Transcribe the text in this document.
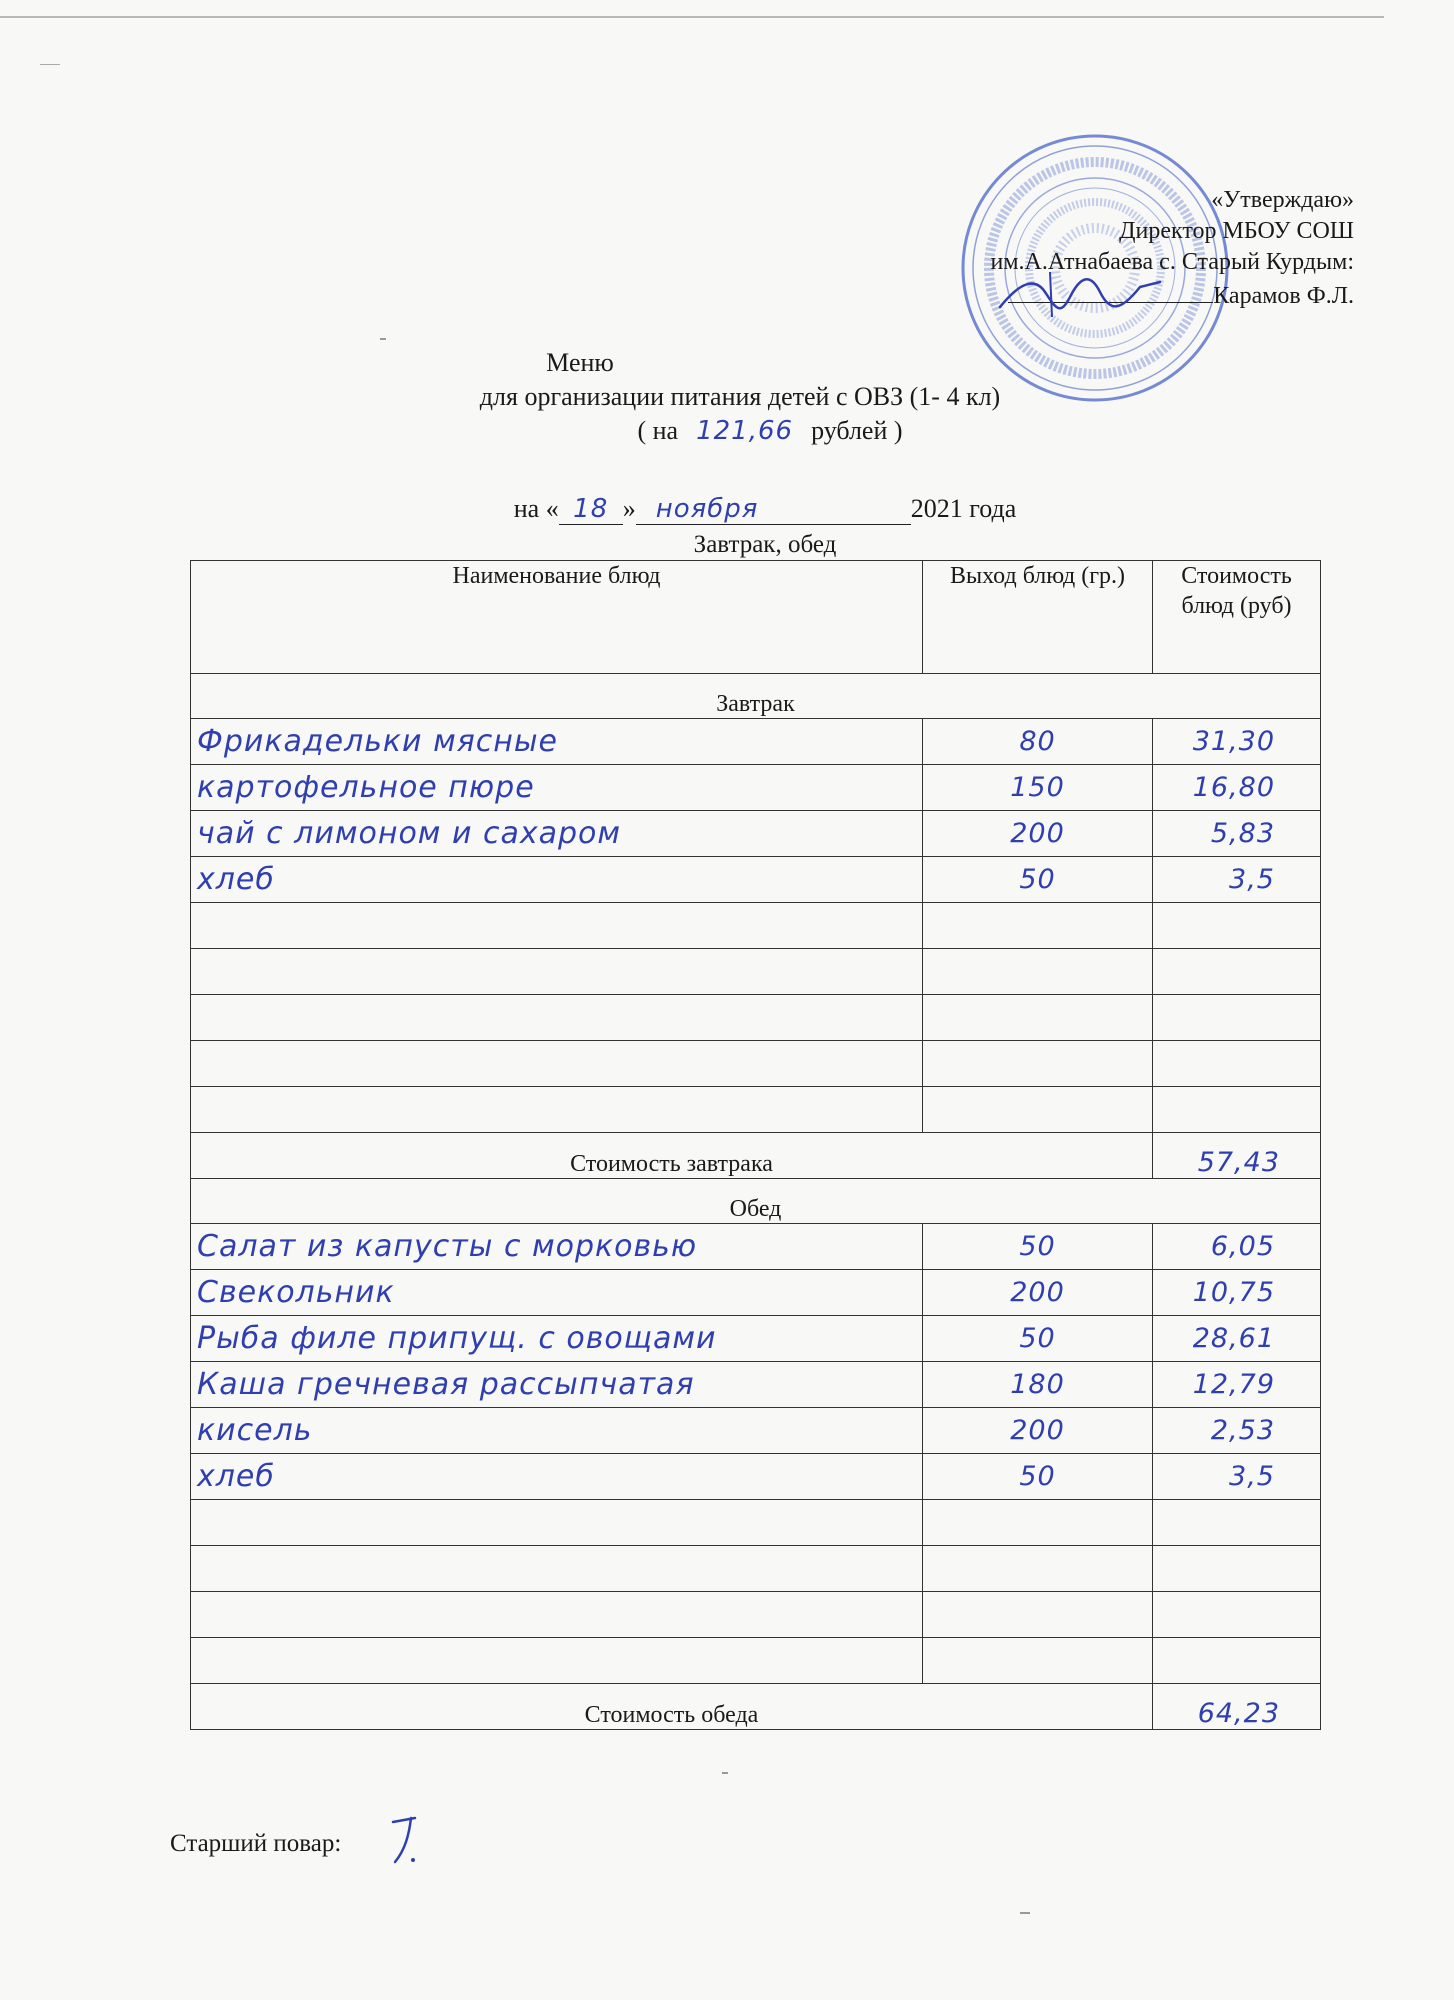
«Утверждаю»
Директор МБОУ СОШ
им.А.Атнабаева с. Старый Курдым:
Карамов Ф.Л.
Меню
для организации питания детей с ОВЗ (1- 4 кл)
( на 121,66 рублей )
на « 18 » ноября	2021 года
Завтрак, обед
Наименование блюд	Выход блюд (гр.)	Стоимость блюд (руб)
Завтрак		
Фрикадельки мясные	80	31,30
картофельное пюре	150	16,80
чай с лимоном и сахаром	200	5,83
хлеб	50	3,5

Стоимость завтрака		57,43
Обед		
Салат из капусты с морковью	50	6,05
Свекольник	200	10,75
Рыба филе припущ. с овощами	50	28,61
Каша гречневая рассыпчатая	180	12,79
кисель	200	2,53
хлеб	50	3,5

Стоимость обеда		64,23
Старший повар:
